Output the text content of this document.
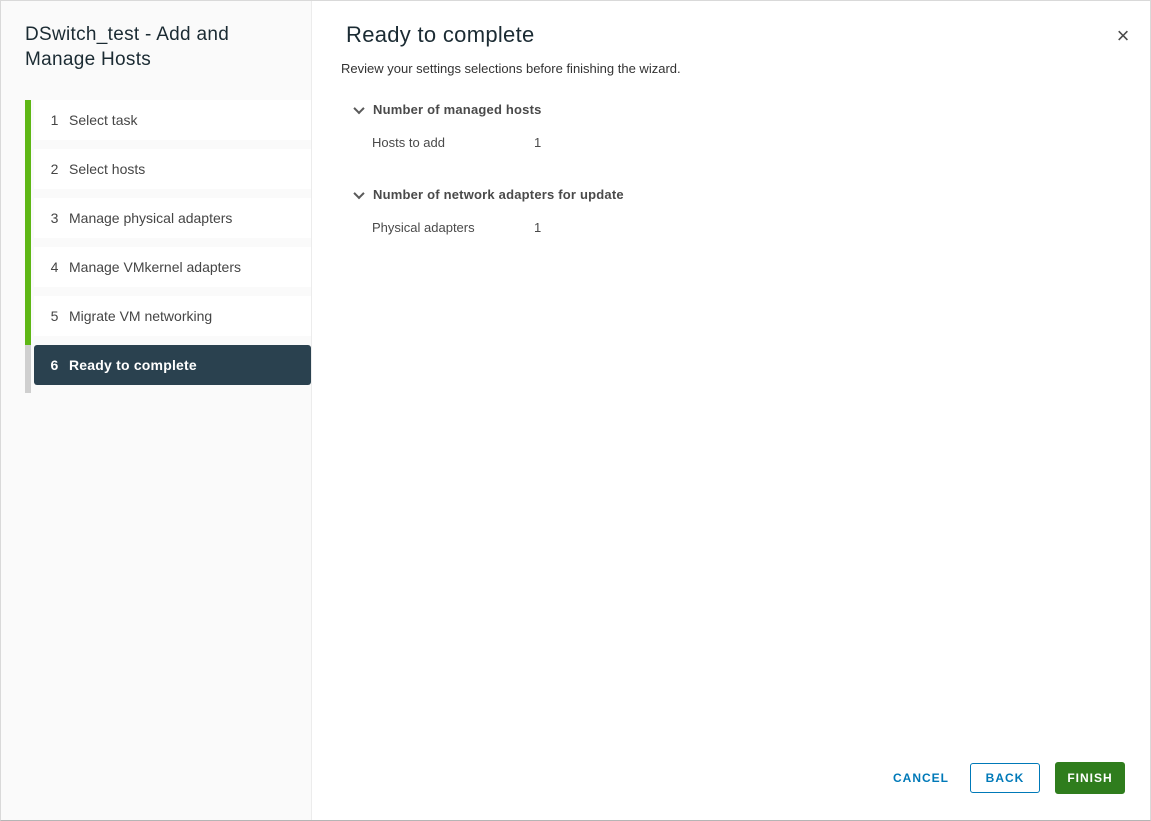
DSwitch_test - Add and Manage Hosts
1 Select task
2 Select hosts
3 Manage physical adapters
4 Manage VMkernel adapters
5 Migrate VM networking
6 Ready to complete
×
Ready to complete
Review your settings selections before finishing the wizard.
Number of managed hosts
Hosts to add	1
Number of network adapters for update
Physical adapters	1
CANCEL	BACK	FINISH
